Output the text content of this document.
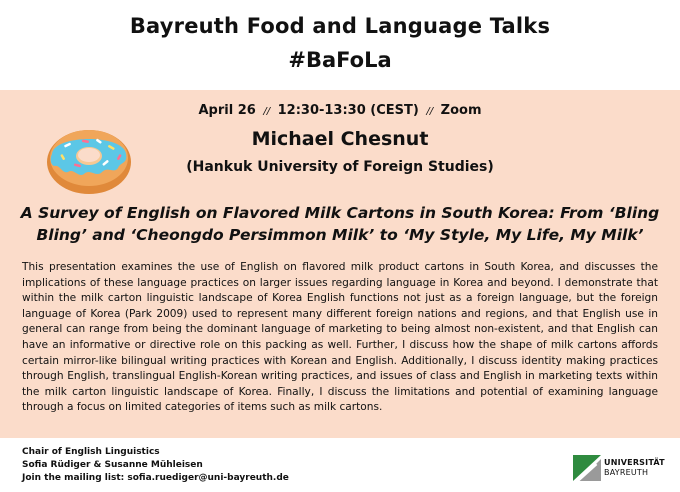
Bayreuth Food and Language Talks
#BaFoLa
April 26 // 12:30-13:30 (CEST) // Zoom
Michael Chesnut
(Hankuk University of Foreign Studies)
A Survey of English on Flavored Milk Cartons in South Korea: From ‘Bling Bling’ and ‘Cheongdo Persimmon Milk’ to ‘My Style, My Life, My Milk’
This presentation examines the use of English on flavored milk product cartons in South Korea, and discusses the implications of these language practices on larger issues regarding language in Korea and beyond. I demonstrate that within the milk carton linguistic landscape of Korea English functions not just as a foreign language, but the foreign language of Korea (Park 2009) used to represent many different foreign nations and regions, and that English use in general can range from being the dominant language of marketing to being almost non-existent, and that English can have an informative or directive role on this packing as well. Further, I discuss how the shape of milk cartons affords certain mirror-like bilingual writing practices with Korean and English. Additionally, I discuss identity making practices through English, translingual English-Korean writing practices, and issues of class and English in marketing texts within the milk carton linguistic landscape of Korea. Finally, I discuss the limitations and potential of examining language through a focus on limited categories of items such as milk cartons.
Chair of English Linguistics
Sofia Rüdiger & Susanne Mühleisen
Join the mailing list: sofia.ruediger@uni-bayreuth.de
UNIVERSITÄT
BAYREUTH
